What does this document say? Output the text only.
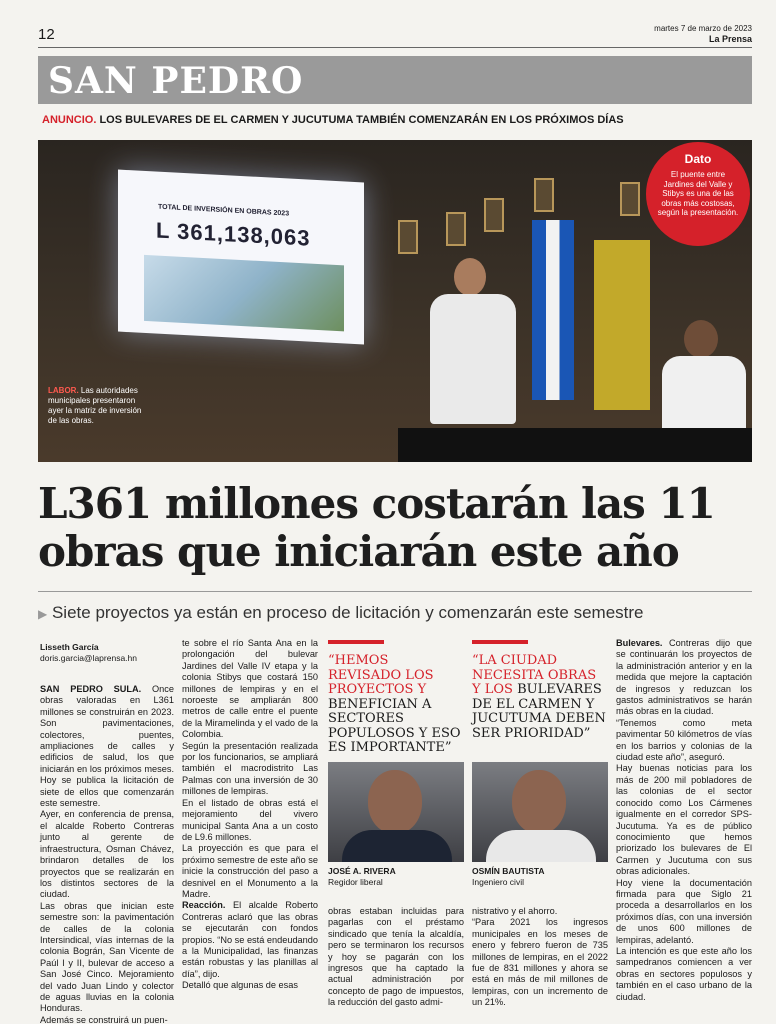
12	martes 7 de marzo de 2023
La Prensa
SAN PEDRO
ANUNCIO. LOS BULEVARES DE EL CARMEN Y JUCUTUMA TAMBIÉN COMENZARÁN EN LOS PRÓXIMOS DÍAS
TOTAL DE INVERSIÓN EN OBRAS 2023
L 361,138,063
LABOR. Las autoridades municipales presentaron ayer la matriz de inversión de las obras.
Dato
El puente entre Jardines del Valle y Stibys es una de las obras más costosas, según la presentación.
L361 millones costarán las 11 obras que iniciarán este año
▶ Siete proyectos ya están en proceso de licitación y comenzarán este semestre
Lisseth García
doris.garcia@laprensa.hn

SAN PEDRO SULA. Once obras valoradas en L361 millones se construirán en 2023. Son pavimentaciones, colectores, puentes, ampliaciones de calles y edificios de salud, los que iniciarán en los próximos meses. Hoy se publica la licitación de siete de ellos que comenzarán este semestre.

Ayer, en conferencia de prensa, el alcalde Roberto Contreras junto al gerente de infraestructura, Osman Chávez, brindaron detalles de los proyectos que se realizarán en los distintos sectores de la ciudad.

Las obras que inician este semestre son: la pavimentación de calles de la colonia Intersindical, vías internas de la colonia Bográn, San Vicente de Paúl I y II, bulevar de acceso a San José Cinco. Mejoramiento del vado Juan Lindo y colector de aguas lluvias en la colonia Honduras.

Además se construirá un puen-

te sobre el río Santa Ana en la prolongación del bulevar Jardines del Valle IV etapa y la colonia Stibys que costará 150 millones de lempiras y en el noroeste se ampliarán 800 metros de calle entre el puente de la Miramelinda y el vado de la Colombia.

Según la presentación realizada por los funcionarios, se ampliará también el macrodistrito Las Palmas con una inversión de 30 millones de lempiras.

En el listado de obras está el mejoramiento del vivero municipal Santa Ana a un costo de L9.6 millones.

La proyección es que para el próximo semestre de este año se inicie la construcción del paso a desnivel en el Monumento a la Madre.

Reacción. El alcalde Roberto Contreras aclaró que las obras se ejecutarán con fondos propios. “No se está endeudando a la Municipalidad, las finanzas están robustas y las planillas al día”, dijo.

Detalló que algunas de esas

“HEMOS REVISADO LOS PROYECTOS Y BENEFICIAN A SECTORES POPULOSOS Y ESO ES IMPORTANTE”
JOSÉ A. RIVERA
Regidor liberal
“LA CIUDAD NECESITA OBRAS Y LOS BULEVARES DE EL CARMEN Y JUCUTUMA DEBEN SER PRIORIDAD”
OSMÍN BAUTISTA
Ingeniero civil

obras estaban incluidas para pagarlas con el préstamo sindicado que tenía la alcaldía, pero se terminaron los recursos y hoy se pagarán con los ingresos que ha captado la actual administración por concepto de pago de impuestos, la reducción del gasto admi-

nistrativo y el ahorro.

“Para 2021 los ingresos municipales en los meses de enero y febrero fueron de 735 millones de lempiras, en el 2022 fue de 831 millones y ahora se está en más de mil millones de lempiras, con un incremento de un 21%.

Bulevares. Contreras dijo que se continuarán los proyectos de la administración anterior y en la medida que mejore la captación de ingresos y reduzcan los gastos administrativos se harán más obras en la ciudad.

“Tenemos como meta pavimentar 50 kilómetros de vías en los barrios y colonias de la ciudad este año”, aseguró.

Hay buenas noticias para los más de 200 mil pobladores de las colonias de el sector conocido como Los Cármenes igualmente en el corredor SPS-Jucutuma. Ya es de público conocimiento que hemos priorizado los bulevares de El Carmen y Jucutuma con sus obras adicionales.

Hoy viene la documentación firmada para que Siglo 21 proceda a desarrollarlos en los próximos días, con una inversión de unos 600 millones de lempiras, adelantó.

La intención es que este año los sampedranos comiencen a ver obras en sectores populosos y también en el caso urbano de la ciudad.
